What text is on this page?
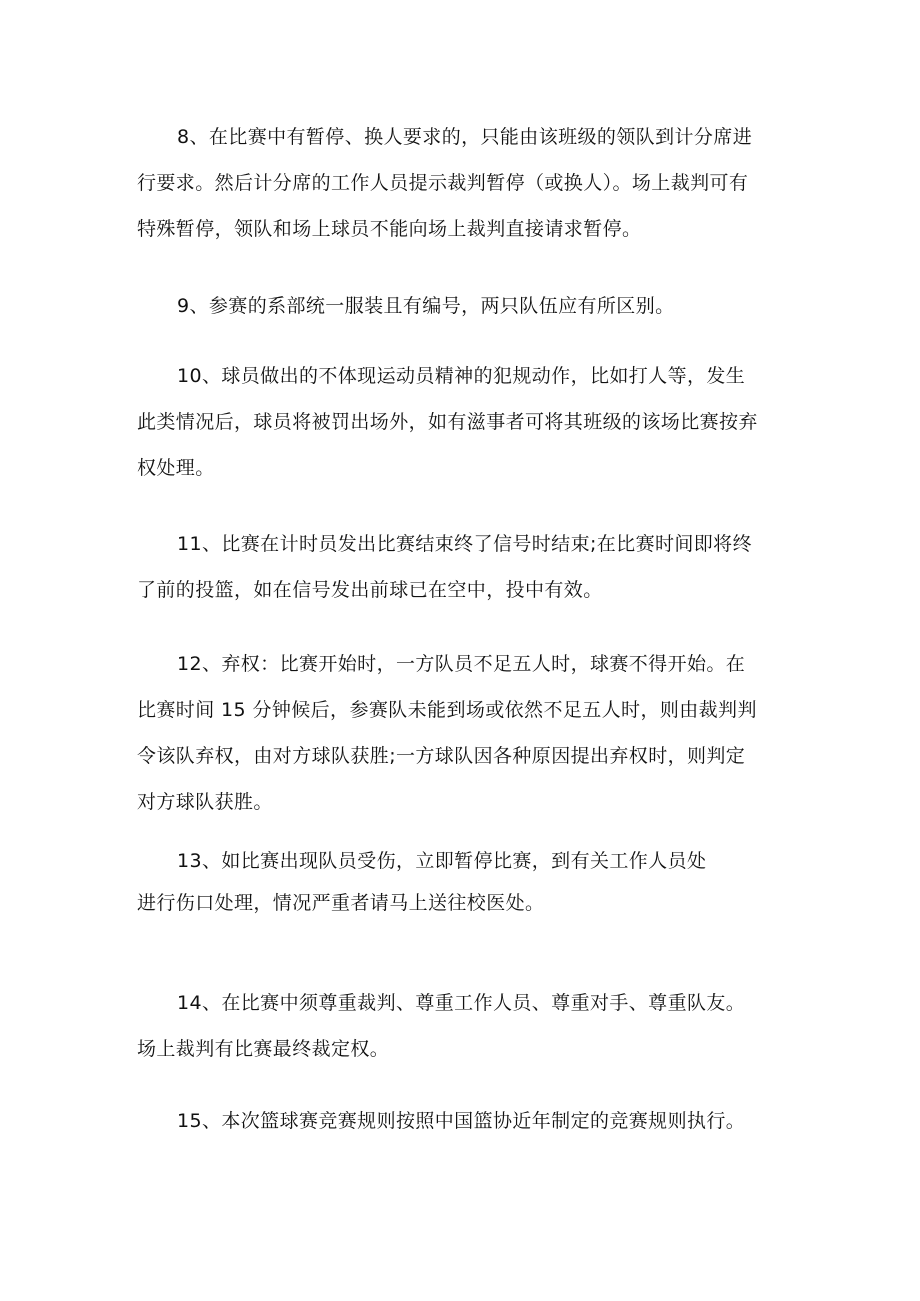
8、在比赛中有暂停、换人要求的，只能由该班级的领队到计分席进
行要求。然后计分席的工作人员提示裁判暂停（或换人）。场上裁判可有
特殊暂停，领队和场上球员不能向场上裁判直接请求暂停。
9、参赛的系部统一服装且有编号，两只队伍应有所区别。
10、球员做出的不体现运动员精神的犯规动作，比如打人等，发生
此类情况后，球员将被罚出场外，如有滋事者可将其班级的该场比赛按弃
权处理。
11、比赛在计时员发出比赛结束终了信号时结束;在比赛时间即将终
了前的投篮，如在信号发出前球已在空中，投中有效。
12、弃权：比赛开始时，一方队员不足五人时，球赛不得开始。在
比赛时间 15 分钟候后，参赛队未能到场或依然不足五人时，则由裁判判
令该队弃权，由对方球队获胜;一方球队因各种原因提出弃权时，则判定
对方球队获胜。
13、如比赛出现队员受伤，立即暂停比赛，到有关工作人员处
进行伤口处理，情况严重者请马上送往校医处。
14、在比赛中须尊重裁判、尊重工作人员、尊重对手、尊重队友。
场上裁判有比赛最终裁定权。
15、本次篮球赛竞赛规则按照中国篮协近年制定的竞赛规则执行。
